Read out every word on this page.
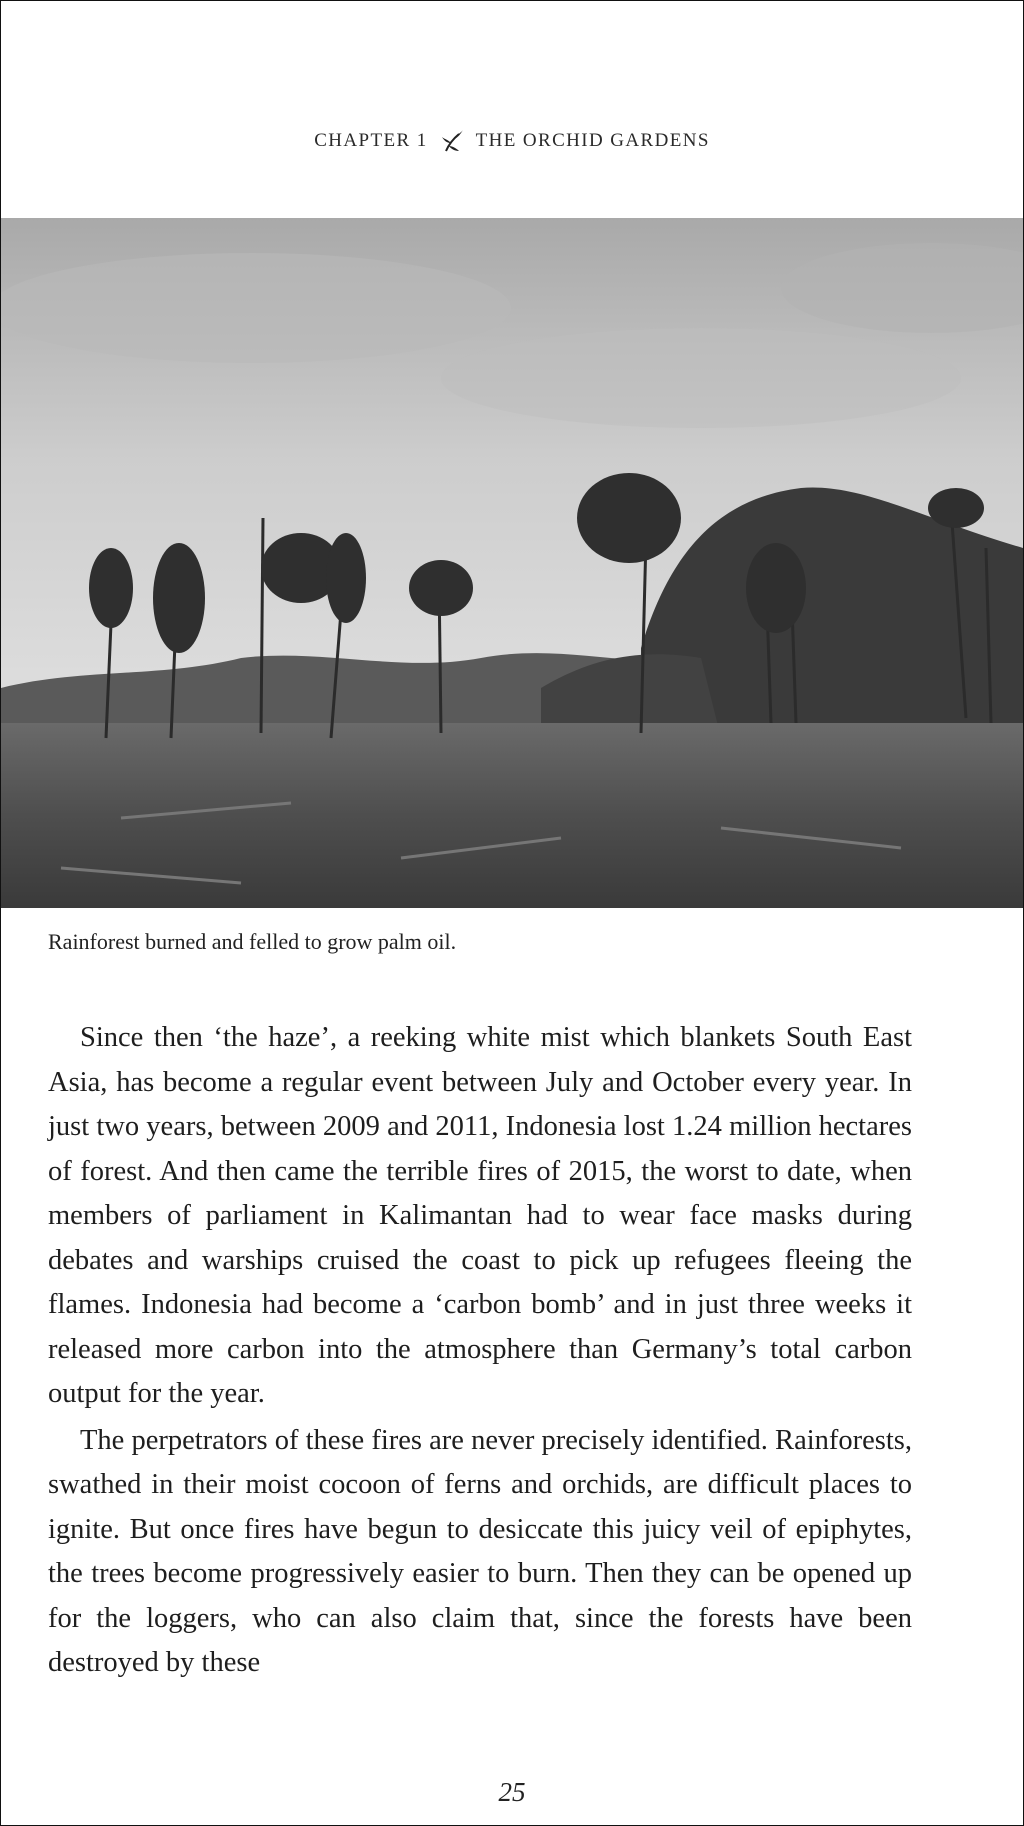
CHAPTER 1	THE ORCHID GARDENS
Rainforest burned and felled to grow palm oil.

Since then ‘the haze’, a reeking white mist which blankets South East Asia, has become a regular event between July and October every year. In just two years, between 2009 and 2011, Indonesia lost 1.24 million hectares of forest. And then came the terrible fires of 2015, the worst to date, when members of parliament in Kalimantan had to wear face masks during debates and warships cruised the coast to pick up refugees fleeing the flames. Indonesia had become a ‘carbon bomb’ and in just three weeks it released more carbon into the atmosphere than Germany’s total carbon output for the year.

The perpetrators of these fires are never precisely identified. Rainforests, swathed in their moist cocoon of ferns and orchids, are difficult places to ignite. But once fires have begun to desiccate this juicy veil of epiphytes, the trees become progressively easier to burn. Then they can be opened up for the loggers, who can also claim that, since the forests have been destroyed by these

25
